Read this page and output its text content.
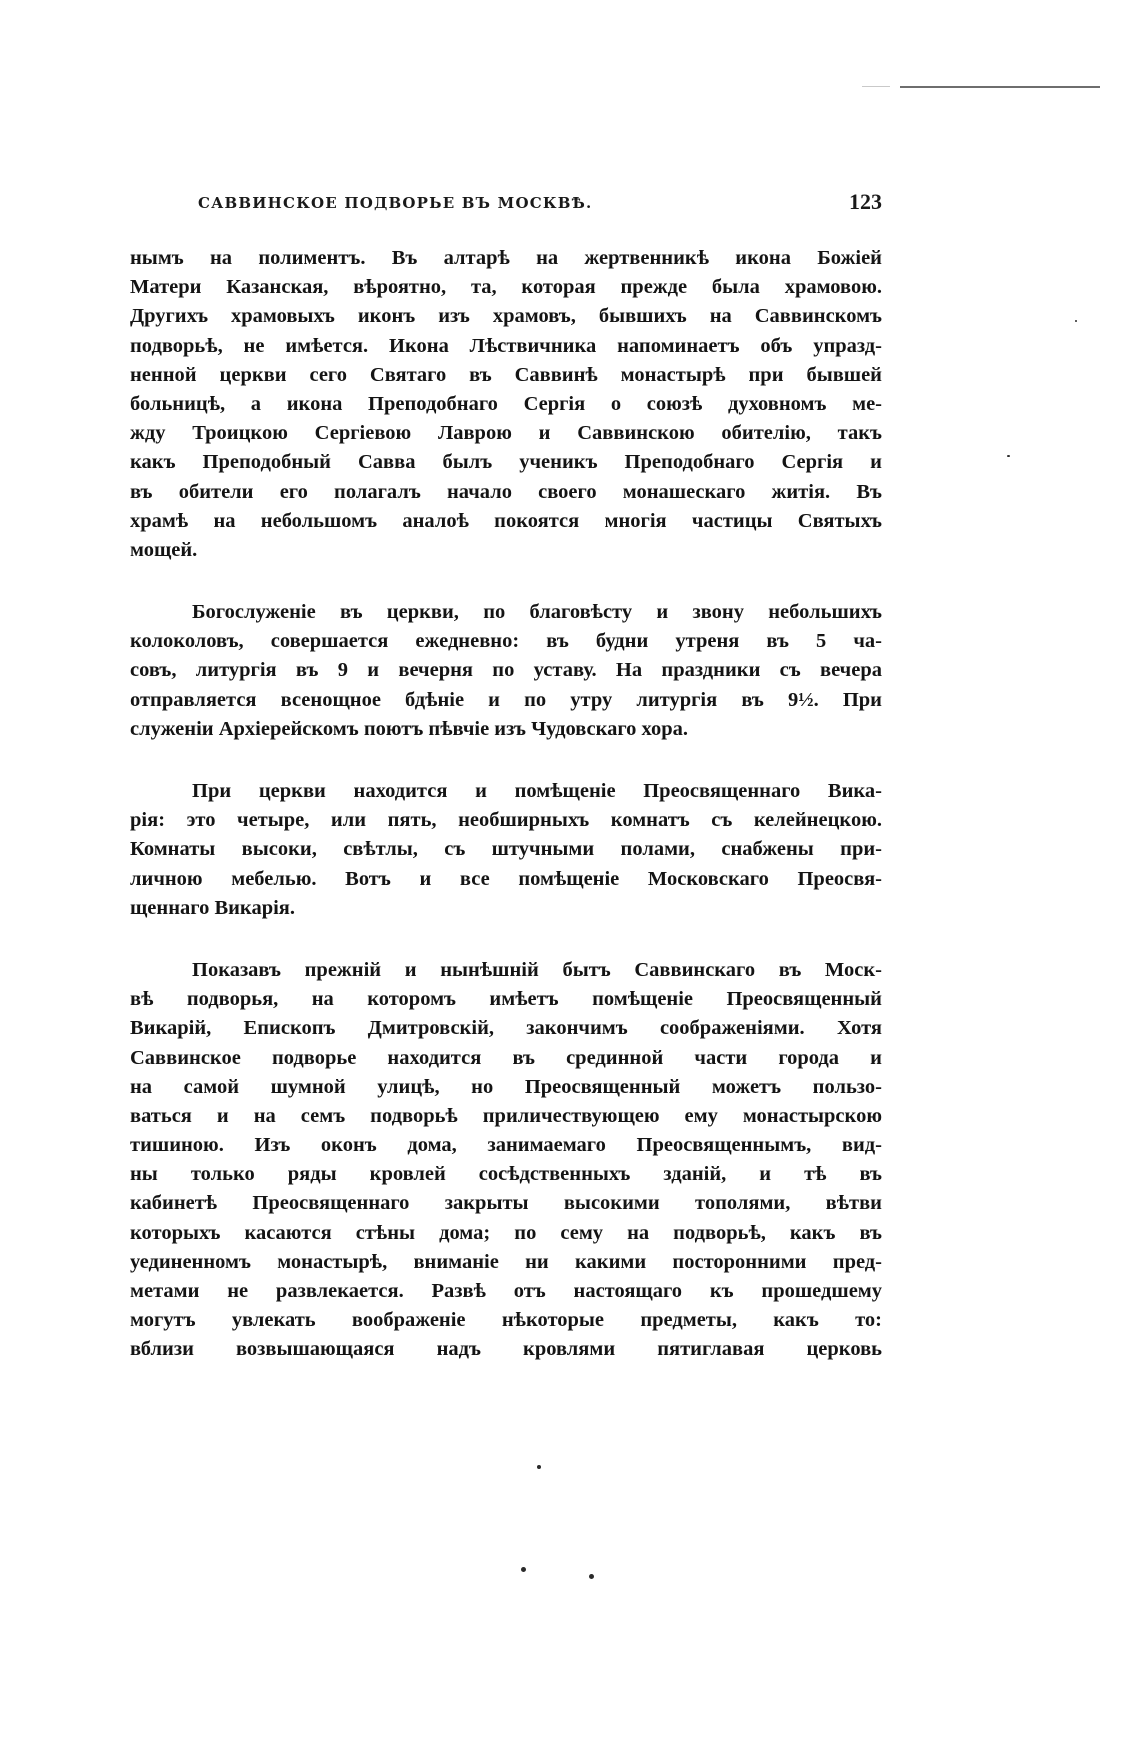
САВВИНСКОЕ ПОДВОРЬЕ ВЪ МОСКВѢ.	123
нымъ на полиментъ. Въ алтарѣ на жертвенникѣ икона Божіей
Матери Казанская, вѣроятно, та, которая прежде была храмовою.
Другихъ храмовыхъ иконъ изъ храмовъ, бывшихъ на Саввинскомъ
подворьѣ, не имѣется. Икона Лѣствичника напоминаетъ объ упразд-
ненной церкви сего Святаго въ Саввинѣ монастырѣ при бывшей
больницѣ, а икона Преподобнаго Сергія о союзѣ духовномъ ме-
жду Троицкою Сергіевою Лаврою и Саввинскою обителію, такъ
какъ Преподобный Савва былъ ученикъ Преподобнаго Сергія и
въ обители его полагалъ начало своего монашескаго житія. Въ
храмѣ на небольшомъ аналоѣ покоятся многія частицы Святыхъ
мощей.
Богослуженіе въ церкви, по благовѣсту и звону небольшихъ
колоколовъ, совершается ежедневно: въ будни утреня въ 5 ча-
совъ, литургія въ 9 и вечерня по уставу. На праздники съ вечера
отправляется всенощное бдѣніе и по утру литургія въ 9½. При
служеніи Архіерейскомъ поютъ пѣвчіе изъ Чудовскаго хора.
При церкви находится и помѣщеніе Преосвященнаго Вика-
рія: это четыре, или пять, необширныхъ комнатъ съ келейнецкою.
Комнаты высоки, свѣтлы, съ штучными полами, снабжены при-
личною мебелью. Вотъ и все помѣщеніе Московскаго Преосвя-
щеннаго Викарія.
Показавъ прежній и нынѣшній бытъ Саввинскаго въ Моск-
вѣ подворья, на которомъ имѣетъ помѣщеніе Преосвященный
Викарій, Епископъ Дмитровскій, закончимъ соображеніями. Хотя
Саввинское подворье находится въ срединной части города и
на самой шумной улицѣ, но Преосвященный можетъ пользо-
ваться и на семъ подворьѣ приличествующею ему монастырскою
тишиною. Изъ оконъ дома, занимаемаго Преосвященнымъ, вид-
ны только ряды кровлей сосѣдственныхъ зданій, и тѣ въ
кабинетѣ Преосвященнаго закрыты высокими тополями, вѣтви
которыхъ касаются стѣны дома; по сему на подворьѣ, какъ въ
уединенномъ монастырѣ, вниманіе ни какими посторонними пред-
метами не развлекается. Развѣ отъ настоящаго къ прошедшему
могутъ увлекать воображеніе нѣкоторые предметы, какъ то:
вблизи возвышающаяся надъ кровлями пятиглавая церковь
